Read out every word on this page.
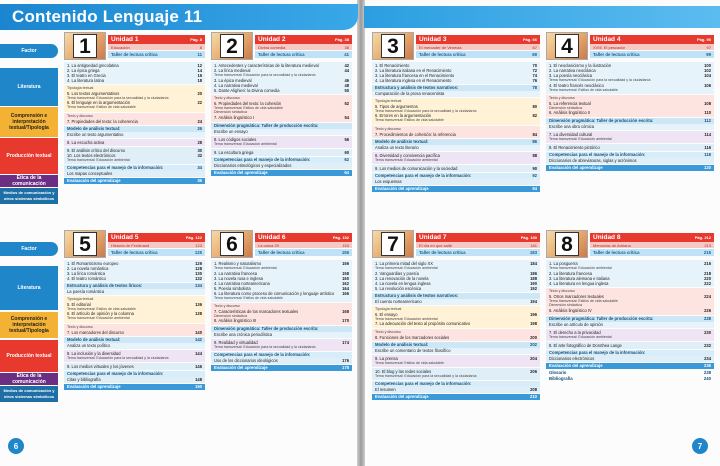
Contenido Lenguaje 11
Factor
Literatura
Comprensión e interpretación textual/Tipología
Producción textual
Ética de la comunicación
Medios de comunicación y otros sistemas simbólicos
1	Unidad 1	Pág. 8
Educación	8
Taller de lectura crítica	11
1. La antigüedad grecolatina	12
2. La épica griega	14
3. El teatro en Grecia	16
4. La literatura latina	18
Tipología textual
5. Los textos argumentativos	20
Tema transversal: Educación para la sexualidad y la ciudadanía
6. El lenguaje en la argumentación	22
Tema transversal: Estilos de vida saludable
Texto y discurso
7. Propiedades del texto: la coherencia	24
Modelo de análisis textual:	26
Escribe un texto argumentativo
8. La escucha activa	28
9. El análisis crítico del discurso	30
10. Los textos electrónicos	32
Tema transversal: Educación ambiental
Competencias para el manejo de la información:	34
Los mapas conceptuales
Evaluación del aprendizaje	36
2	Unidad 2	Pág. 38
Divina comedia	38
Taller de lectura crítica	41
1. Antecedentes y características de la literatura medieval	42
2. La lírica medieval	44
Tema transversal: Educación para la sexualidad y la ciudadanía
3. La épica medieval	46
4. La narrativa medieval	48
5. Dante Alighieri: la Divina comedia	50
Texto y discurso
6. Propiedades del texto: la cohesión	52
Tema transversal: Estilos de vida saludable
Dimensión sintáctica
7. Análisis lingüístico I	54
Dimensión pragmática: Taller de producción escrita:
Escribe un ensayo
8. Los códigos sociales	56
Tema transversal: Educación ambiental
9. La escultura griega	60
Competencias para el manejo de la información:	62
Diccionarios etimológicos y especializados
Evaluación del aprendizaje	64
Factor
Literatura
Comprensión e interpretación textual/Tipología
Producción textual
Ética de la comunicación
Medios de comunicación y otros sistemas simbólicos
5	Unidad 5	Pág. 122
Historia de Ferdinand	123
Taller de lectura crítica	125
1. El Romanticismo europeo	126
2. La novela romántica	128
3. La lírica romántica	130
4. El teatro romántico	132
Estructura y análisis de textos líricos:	134
La poesía romántica
Tipología textual
5. El editorial	136
Tema transversal: Estilos de vida saludable
6. El artículo de opinión y la columna	138
Tema transversal: Educación ambiental
Texto y discurso
7. Los marcadores del discurso	140
Modelo de análisis textual:	142
Analiza un texto político
8. La inclusión y la diversidad	144
Tema transversal: Educación para la sexualidad y la ciudadanía
9. Los medios virtuales y los jóvenes	146
Competencias para el manejo de la información:
Citas y bibliografía	148
Evaluación del aprendizaje	150
6	Unidad 6	Pág. 152
La cama 29	153
Taller de lectura crítica	155
1. Realismo y naturalismo	156
Tema transversal: Educación ambiental
2. La narrativa francesa	158
3. La novela rusa e inglesa	160
4. La narrativa norteamericana	162
5. Poesía simbolista	164
6. La literatura como proceso de comunicación y lenguaje artístico 166
Tema transversal: Estilos de vida saludable
Texto y discurso
7. Características de los marcadores textuales	168
Dimensión sintáctica
8. Análisis lingüístico III	170
Dimensión pragmática: Taller de producción escrita:
Escribe una crónica periodística
9. Realidad y virtualidad	174
Tema transversal: Educación para la sexualidad y la ciudadanía
Competencias para el manejo de la información:
Uso de los diccionarios ideológicos	176
Evaluación del aprendizaje	178
3	Unidad 3	Pág. 66
El mercader de Venecia	67
Taller de lectura crítica	69
1. El Renacimiento	70
2. La literatura italiana en el Renacimiento	72
3. La literatura francesa en el Renacimiento	74
4. La literatura inglesa en el Renacimiento	76
Estructura y análisis de textos narrativos:	78
Comparación de la prosa renacentista
Tipología textual
5. Tipos de argumentos	80
Tema transversal: Educación para la sexualidad y la ciudadanía
6. Errores en la argumentación	82
Tema transversal: Estilos de vida saludable
Texto y discurso
7. Procedimientos de cohesión: la referencia	84
Modelo de análisis textual:	86
Analiza un texto literario
8. Diversidad y convivencia pacífica	88
Tema transversal: Educación ambiental
9. Los medios de comunicación y la sociedad	90
Competencias para el manejo de la información:	92
Los esquemas
Evaluación del aprendizaje	94
4	Unidad 4	Pág. 96
XVIII. El pescador	97
Taller de lectura crítica	99
1. El neoclasicismo y la ilustración	100
2. La narrativa neoclásica	102
3. La poesía neoclásica	104
Tema transversal: Educación para la sexualidad y la ciudadanía
4. El teatro francés neoclásico	106
Tema transversal: Estilos de vida saludable
Texto y discurso
5. La referencia textual	108
Dimensión sintáctica
6. Análisis lingüístico II	110
Dimensión pragmática: Taller de producción escrita:	112
Escribe una obra cómica
7. La diversidad cultural	114
Tema transversal: Educación ambiental
8. El Renacimiento pictórico	116
Competencias para el manejo de la información:	118
Diccionarios de abreviaturas, siglas y acrónimos
Evaluación del aprendizaje	120
7	Unidad 7	Pág. 180
El día en que salté	181
Taller de lectura crítica	183
1. La primera mitad del siglo XX	184
Tema transversal: Educación ambiental
2. Vanguardias y poesía	186
3. La renovación de la novela	188
4. La novela en lengua inglesa	190
5. La revolución escénica	192
Estructura y análisis de textos narrativos:
El cuento norteamericano	194
Tipología textual
6. El ensayo	196
Tema transversal: Educación ambiental
7. La adecuación del texto al propósito comunicativo	198
Texto y discurso
8. Funciones de los marcadores sociales	200
Modelo de análisis textual:	202
Escribe un comentario de textos filosófico
9. La prensa	204
Tema transversal: Estilos de vida saludable
10. El blog y las redes sociales	206
Tema transversal: Educación para la sexualidad y la ciudadanía
Competencias para el manejo de la información:
El resumen	208
Evaluación del aprendizaje	210
8	Unidad 8	Pág. 212
Memorias de Adriano	213
Taller de lectura crítica	215
1. La posguerra	216
Tema transversal: Educación ambiental
2. La literatura francesa	218
3. La literatura alemana e italiana	220
4. La literatura en lengua inglesa	222
Texto y discurso
5. Otros marcadores textuales	224
Tema transversal: Estilos de vida saludable
Dimensión sintáctica
6. Análisis lingüístico IV	226
Dimensión pragmática: Taller de producción escrita:	228
Escribe un artículo de opinión
7. El derecho a la privacidad	230
Tema transversal: Educación ambiental
8. El arte fotográfico de Dorothea Lange	232
Competencias para el manejo de la información:
Diccionarios electrónicos	234
Evaluación del aprendizaje	236
Glosario	238
Bibliografía	240
6	7
